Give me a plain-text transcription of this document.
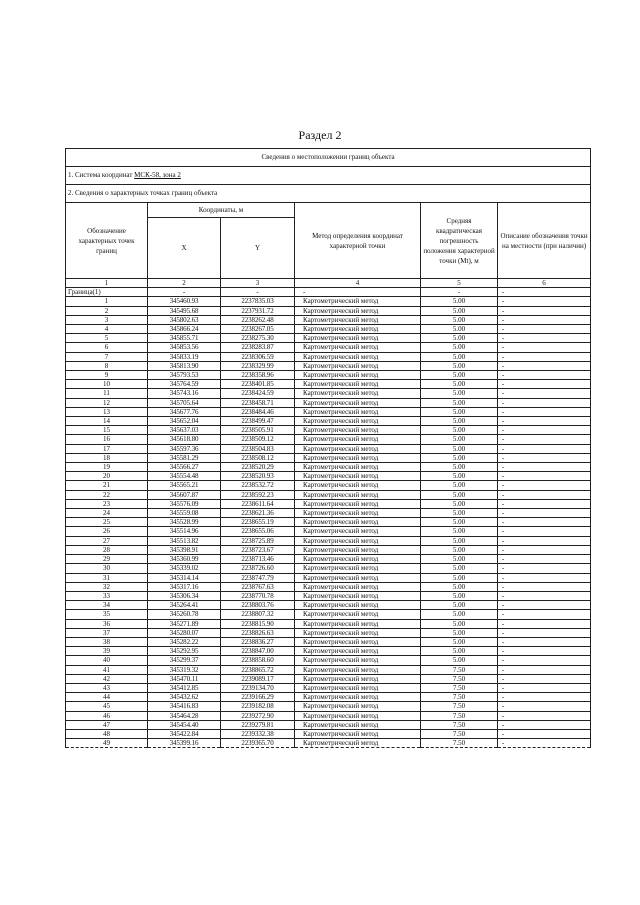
Раздел 2
Сведения о местоположении границ объекта					
1. Система координат МСК-58, зона 2					
2. Сведения о характерных точках границ объекта					
Обозначение характерных точек границ	Координаты, м		Метод определения координат характерной точки	Средняя квадратическая погрешность положения характерной точки (Mt), м	Описание обозначения точки на местности (при наличии)
	X	Y			
1	2	3	4	5	6
Граница(1)	-	-	-	-	-
1	345460.93	2237835.03	Картометрический метод	5.00	-
2	345495.68	2237931.72	Картометрический метод	5.00	-
3	345802.63	2238262.48	Картометрический метод	5.00	-
4	345866.24	2238267.05	Картометрический метод	5.00	-
5	345855.71	2238275.30	Картометрический метод	5.00	-
6	345853.56	2238283.87	Картометрический метод	5.00	-
7	345833.19	2238306.59	Картометрический метод	5.00	-
8	345813.90	2238329.99	Картометрический метод	5.00	-
9	345793.53	2238358.96	Картометрический метод	5.00	-
10	345764.59	2238401.85	Картометрический метод	5.00	-
11	345743.16	2238424.59	Картометрический метод	5.00	-
12	345705.64	2238458.71	Картометрический метод	5.00	-
13	345677.76	2238484.46	Картометрический метод	5.00	-
14	345652.04	2238499.47	Картометрический метод	5.00	-
15	345637.03	2238505.91	Картометрический метод	5.00	-
16	345618.80	2238509.12	Картометрический метод	5.00	-
17	345597.36	2238504.83	Картометрический метод	5.00	-
18	345581.29	2238508.12	Картометрический метод	5.00	-
19	345566.27	2238520.29	Картометрический метод	5.00	-
20	345554.48	2238520.93	Картометрический метод	5.00	-
21	345565.21	2238532.72	Картометрический метод	5.00	-
22	345607.87	2238592.23	Картометрический метод	5.00	-
23	345576.09	2238611.64	Картометрический метод	5.00	-
24	345559.08	2238621.36	Картометрический метод	5.00	-
25	345528.99	2238655.19	Картометрический метод	5.00	-
26	345514.96	2238655.06	Картометрический метод	5.00	-
27	345513.82	2238725.89	Картометрический метод	5.00	-
28	345398.91	2238723.67	Картометрический метод	5.00	-
29	345360.99	2238713.46	Картометрический метод	5.00	-
30	345339.02	2238726.60	Картометрический метод	5.00	-
31	345314.14	2238747.79	Картометрический метод	5.00	-
32	345317.16	2238767.63	Картометрический метод	5.00	-
33	345306.34	2238770.78	Картометрический метод	5.00	-
34	345264.41	2238803.76	Картометрический метод	5.00	-
35	345260.78	2238807.32	Картометрический метод	5.00	-
36	345271.89	2238815.90	Картометрический метод	5.00	-
37	345280.07	2238826.63	Картометрический метод	5.00	-
38	345282.22	2238836.27	Картометрический метод	5.00	-
39	345292.95	2238847.00	Картометрический метод	5.00	-
40	345299.37	2238858.60	Картометрический метод	5.00	-
41	345319.32	2238865.72	Картометрический метод	7.50	-
42	345470.11	2239089.17	Картометрический метод	7.50	-
43	345412.85	2239134.70	Картометрический метод	7.50	-
44	345432.62	2239166.29	Картометрический метод	7.50	-
45	345416.83	2239182.08	Картометрический метод	7.50	-
46	345464.28	2239272.90	Картометрический метод	7.50	-
47	345454.40	2239279.81	Картометрический метод	7.50	-
48	345422.84	2239332.38	Картометрический метод	7.50	-
49	345399.16	2239365.70	Картометрический метод	7.50	-
